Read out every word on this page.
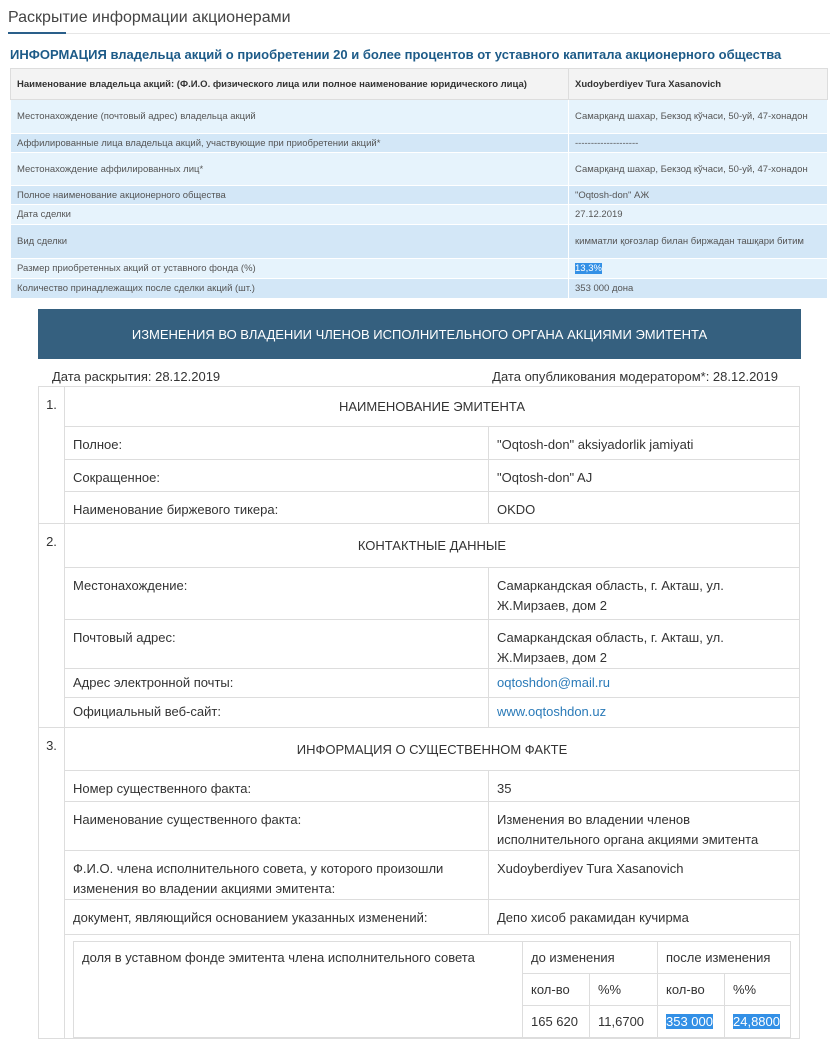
Раскрытие информации акционерами
ИНФОРМАЦИЯ владельца акций о приобретении 20 и более процентов от уставного капитала акционерного общества
Наименование владельца акций: (Ф.И.О. физического лица или полное наименование юридического лица)	Xudoyberdiyev Tura Xasanovich
Местонахождение (почтовый адрес) владельца акций	Самарқанд шахар, Бекзод кўчаси, 50-уй, 47-хонадон
Аффилированные лица владельца акций, участвующие при приобретении акций*	--------------------
Местонахождение аффилированных лиц*	Самарқанд шахар, Бекзод кўчаси, 50-уй, 47-хонадон
Полное наименование акционерного общества	"Oqtosh-don" АЖ
Дата сделки	27.12.2019
Вид сделки	кимматли қоғозлар билан биржадан ташқари битим
Размер приобретенных акций от уставного фонда (%)	13,3%
Количество принадлежащих после сделки акций (шт.)	353 000 дона
ИЗМЕНЕНИЯ ВО ВЛАДЕНИИ ЧЛЕНОВ ИСПОЛНИТЕЛЬНОГО ОРГАНА АКЦИЯМИ ЭМИТЕНТА
Дата раскрытия: 28.12.2019	Дата опубликования модератором*: 28.12.2019
1.	НАИМЕНОВАНИЕ ЭМИТЕНТА
Полное:	"Oqtosh-don" aksiyadorlik jamiyati
Сокращенное:	"Oqtosh-don" AJ
Наименование биржевого тикера:	OKDO
2.	КОНТАКТНЫЕ ДАННЫЕ
Местонахождение:	Самаркандская область, г. Акташ, ул. Ж.Мирзаев, дом 2
Почтовый адрес:	Самаркандская область, г. Акташ, ул. Ж.Мирзаев, дом 2
Адрес электронной почты:	oqtoshdon@mail.ru
Официальный веб-сайт:	www.oqtoshdon.uz
3.	ИНФОРМАЦИЯ О СУЩЕСТВЕННОМ ФАКТЕ
Номер существенного факта:	35
Наименование существенного факта:	Изменения во владении членов исполнительного органа акциями эмитента
Ф.И.О. члена исполнительного совета, у которого произошли изменения во владении акциями эмитента:	Xudoyberdiyev Tura Xasanovich
документ, являющийся основанием указанных изменений:	Депо хисоб ракамидан кучирма

доля в уставном фонде эмитента члена исполнительного совета	до изменения	после изменения
кол-во	%%	кол-во	%%
165 620	11,6700	353 000	24,8800
